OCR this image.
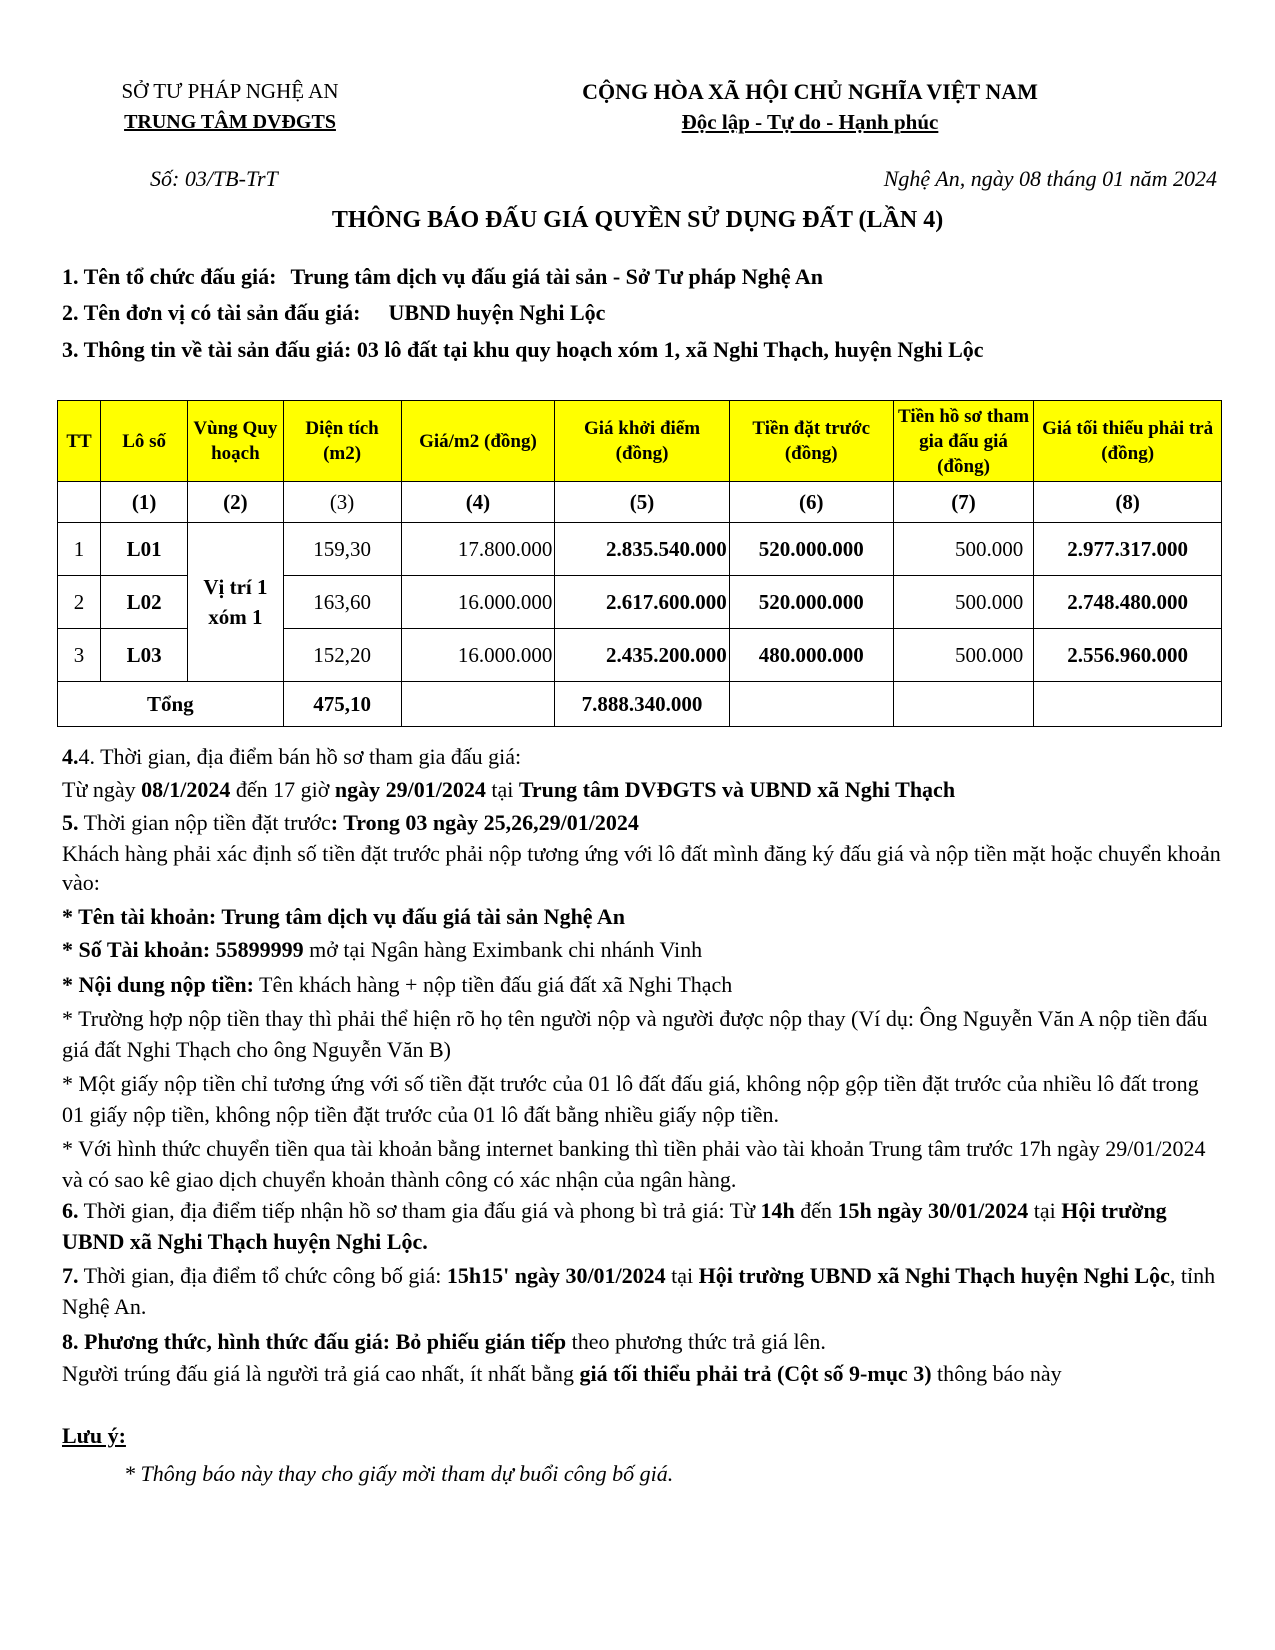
SỞ TƯ PHÁP NGHỆ AN
TRUNG TÂM DVĐGTS
CỘNG HÒA XÃ HỘI CHỦ NGHĨA VIỆT NAM
Độc lập - Tự do - Hạnh phúc
Số: 03/TB-TrT	Nghệ An, ngày 08 tháng 01 năm 2024
THÔNG BÁO ĐẤU GIÁ QUYỀN SỬ DỤNG ĐẤT (LẦN 4)
1. Tên tổ chức đấu giá: Trung tâm dịch vụ đấu giá tài sản - Sở Tư pháp Nghệ An
2. Tên đơn vị có tài sản đấu giá: UBND huyện Nghi Lộc
3. Thông tin về tài sản đấu giá: 03 lô đất tại khu quy hoạch xóm 1, xã Nghi Thạch, huyện Nghi Lộc
TT	Lô số	Vùng Quy hoạch	Diện tích (m2)	Giá/m2 (đồng)	Giá khởi điểm (đồng)	Tiền đặt trước (đồng)	Tiền hồ sơ tham gia đấu giá (đồng)	Giá tối thiểu phải trả (đồng)
	(1)	(2)	(3)	(4)	(5)	(6)	(7)	(8)
1	L01	Vị trí 1 xóm 1	159,30	17.800.000	2.835.540.000	520.000.000	500.000	2.977.317.000
2	L02		163,60	16.000.000	2.617.600.000	520.000.000	500.000	2.748.480.000
3	L03		152,20	16.000.000	2.435.200.000	480.000.000	500.000	2.556.960.000
Tổng			475,10		7.888.340.000			

4.4. Thời gian, địa điểm bán hồ sơ tham gia đấu giá:

Từ ngày 08/1/2024 đến 17 giờ ngày 29/01/2024 tại Trung tâm DVĐGTS và UBND xã Nghi Thạch

5. Thời gian nộp tiền đặt trước: Trong 03 ngày 25,26,29/01/2024

Khách hàng phải xác định số tiền đặt trước phải nộp tương ứng với lô đất mình đăng ký đấu giá và nộp tiền mặt hoặc chuyển khoản vào:

* Tên tài khoản: Trung tâm dịch vụ đấu giá tài sản Nghệ An

* Số Tài khoản: 55899999 mở tại Ngân hàng Eximbank chi nhánh Vinh

* Nội dung nộp tiền: Tên khách hàng + nộp tiền đấu giá đất xã Nghi Thạch

* Trường hợp nộp tiền thay thì phải thể hiện rõ họ tên người nộp và người được nộp thay (Ví dụ: Ông Nguyễn Văn A nộp tiền đấu giá đất Nghi Thạch cho ông Nguyễn Văn B)

* Một giấy nộp tiền chỉ tương ứng với số tiền đặt trước của 01 lô đất đấu giá, không nộp gộp tiền đặt trước của nhiều lô đất trong 01 giấy nộp tiền, không nộp tiền đặt trước của 01 lô đất bằng nhiều giấy nộp tiền.

* Với hình thức chuyển tiền qua tài khoản bằng internet banking thì tiền phải vào tài khoản Trung tâm trước 17h ngày 29/01/2024 và có sao kê giao dịch chuyển khoản thành công có xác nhận của ngân hàng.

6. Thời gian, địa điểm tiếp nhận hồ sơ tham gia đấu giá và phong bì trả giá: Từ 14h đến 15h ngày 30/01/2024 tại Hội trường UBND xã Nghi Thạch huyện Nghi Lộc.

7. Thời gian, địa điểm tổ chức công bố giá: 15h15' ngày 30/01/2024 tại Hội trường UBND xã Nghi Thạch huyện Nghi Lộc, tỉnh Nghệ An.

8. Phương thức, hình thức đấu giá: Bỏ phiếu gián tiếp theo phương thức trả giá lên.

Người trúng đấu giá là người trả giá cao nhất, ít nhất bằng giá tối thiểu phải trả (Cột số 9-mục 3) thông báo này

Lưu ý:

* Thông báo này thay cho giấy mời tham dự buổi công bố giá.
